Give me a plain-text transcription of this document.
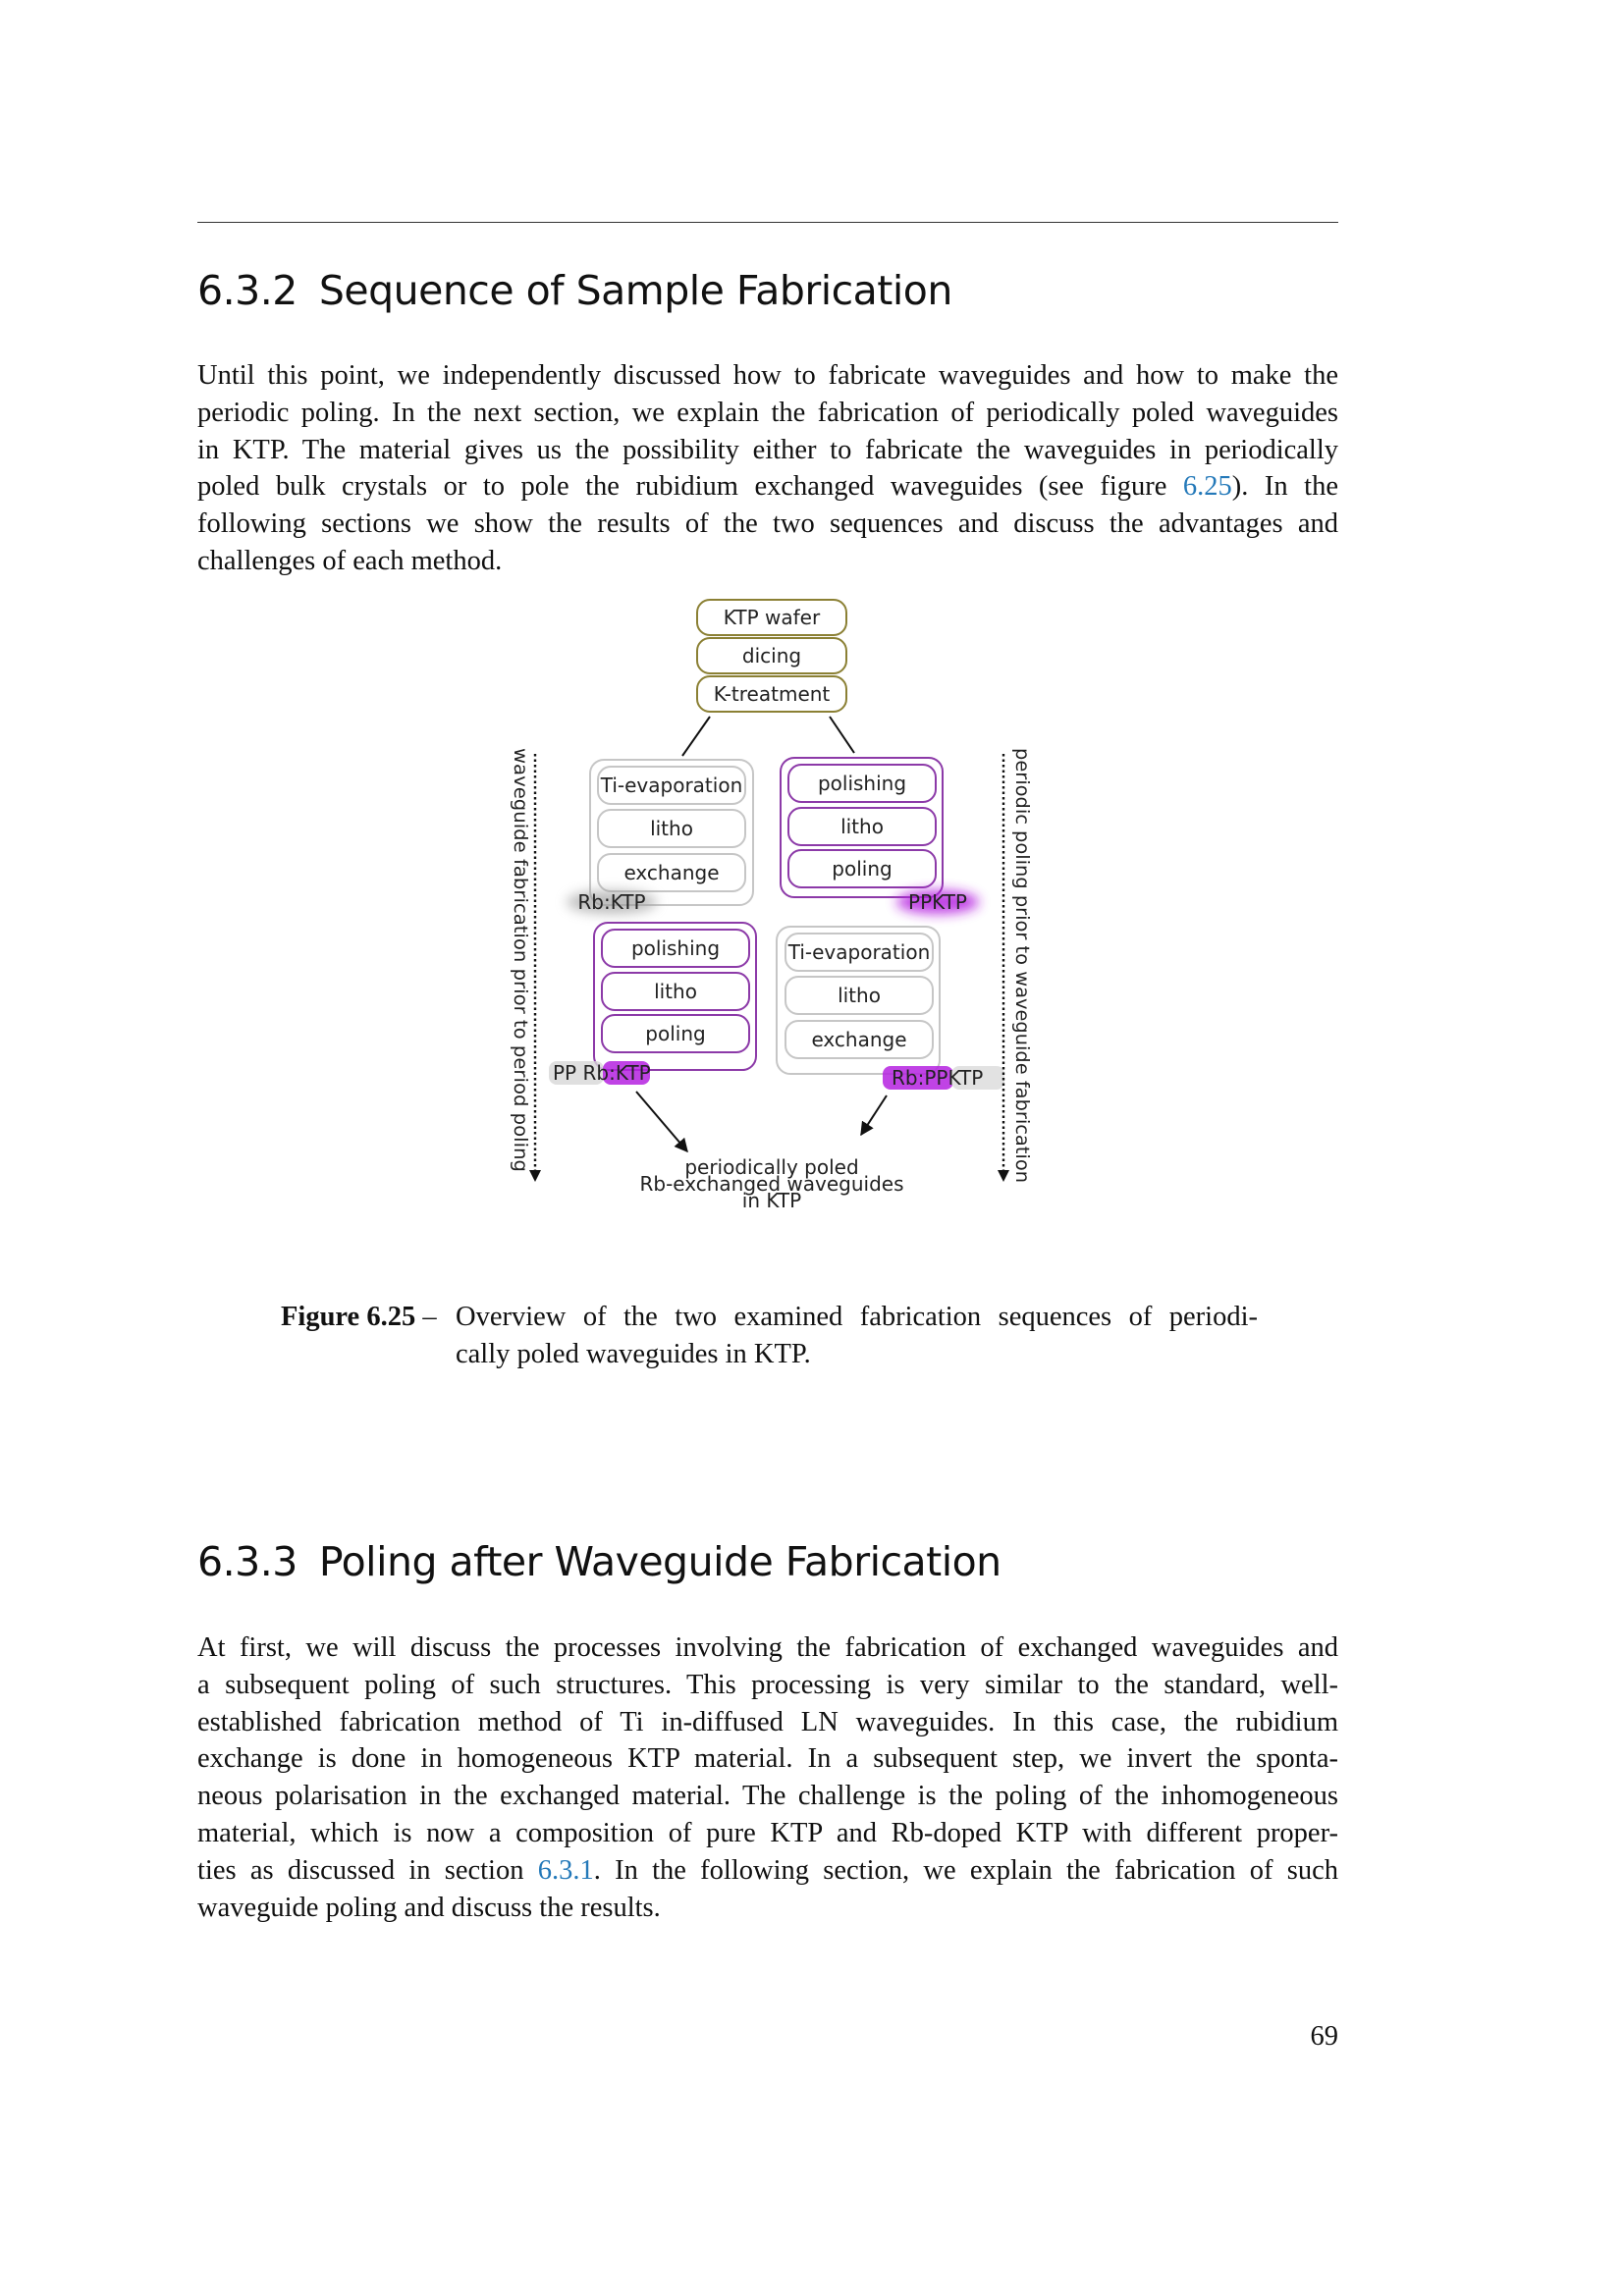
6.3.2 Sequence of Sample Fabrication
Until this point, we independently discussed how to fabricate waveguides and how to make the
periodic poling. In the next section, we explain the fabrication of periodically poled waveguides
in KTP. The material gives us the possibility either to fabricate the waveguides in periodically
poled bulk crystals or to pole the rubidium exchanged waveguides (see figure 6.25). In the
following sections we show the results of the two sequences and discuss the advantages and
challenges of each method.
KTP wafer
dicing
K-treatment
Ti-evaporation
litho
exchange
Rb:KTP
polishing
litho
poling
PPKTP
polishing
litho
poling
PP Rb:KTP
Ti-evaporation
litho
exchange
Rb:PPKTP
periodically poled
Rb-exchanged waveguides
in KTP
waveguide fabrication prior to period poling	periodic poling prior to waveguide fabrication
Figure 6.25 – Overview of the two examined fabrication sequences of periodi-
cally poled waveguides in KTP.
6.3.3 Poling after Waveguide Fabrication
At first, we will discuss the processes involving the fabrication of exchanged waveguides and
a subsequent poling of such structures. This processing is very similar to the standard, well-
established fabrication method of Ti in-diffused LN waveguides. In this case, the rubidium
exchange is done in homogeneous KTP material. In a subsequent step, we invert the sponta-
neous polarisation in the exchanged material. The challenge is the poling of the inhomogeneous
material, which is now a composition of pure KTP and Rb-doped KTP with different proper-
ties as discussed in section 6.3.1. In the following section, we explain the fabrication of such
waveguide poling and discuss the results.
69
